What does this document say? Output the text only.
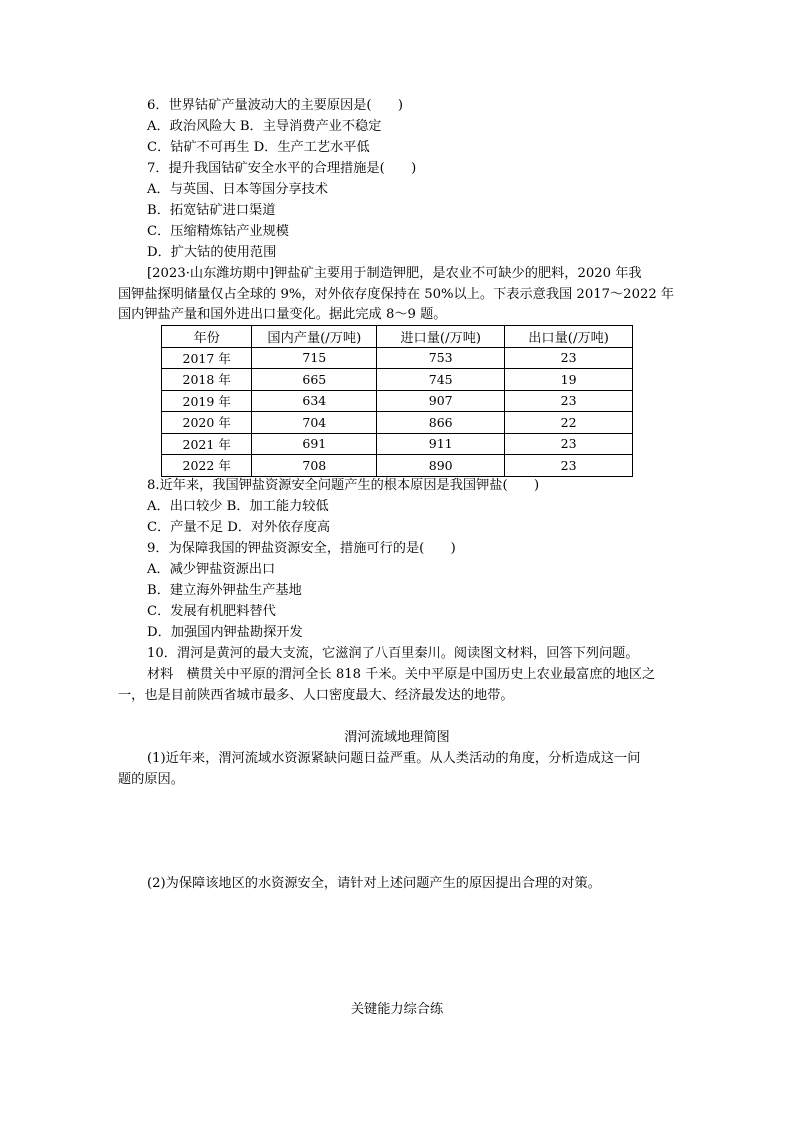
6．世界钴矿产量波动大的主要原因是(　　)
A．政治风险大 B．主导消费产业不稳定
C．钴矿不可再生 D．生产工艺水平低
7．提升我国钴矿安全水平的合理措施是(　　)
A．与英国、日本等国分享技术
B．拓宽钴矿进口渠道
C．压缩精炼钴产业规模
D．扩大钴的使用范围
[2023·山东潍坊期中]钾盐矿主要用于制造钾肥，是农业不可缺少的肥料，2020 年我
国钾盐探明储量仅占全球的 9%，对外依存度保持在 50%以上。下表示意我国 2017～2022 年
国内钾盐产量和国外进出口量变化。据此完成 8～9 题。
年份	国内产量(/万吨)	进口量(/万吨)	出口量(/万吨)
2017 年	715	753	23
2018 年	665	745	19
2019 年	634	907	23
2020 年	704	866	22
2021 年	691	911	23
2022 年	708	890	23
8.近年来，我国钾盐资源安全问题产生的根本原因是我国钾盐(　　)
A．出口较少 B．加工能力较低
C．产量不足 D．对外依存度高
9．为保障我国的钾盐资源安全，措施可行的是(　　)
A．减少钾盐资源出口
B．建立海外钾盐生产基地
C．发展有机肥料替代
D．加强国内钾盐勘探开发
10．渭河是黄河的最大支流，它滋润了八百里秦川。阅读图文材料，回答下列问题。
材料　横贯关中平原的渭河全长 818 千米。关中平原是中国历史上农业最富庶的地区之
一，也是目前陕西省城市最多、人口密度最大、经济最发达的地带。
渭河流域地理简图
(1)近年来，渭河流域水资源紧缺问题日益严重。从人类活动的角度，分析造成这一问
题的原因。
(2)为保障该地区的水资源安全，请针对上述问题产生的原因提出合理的对策。
关键能力综合练
